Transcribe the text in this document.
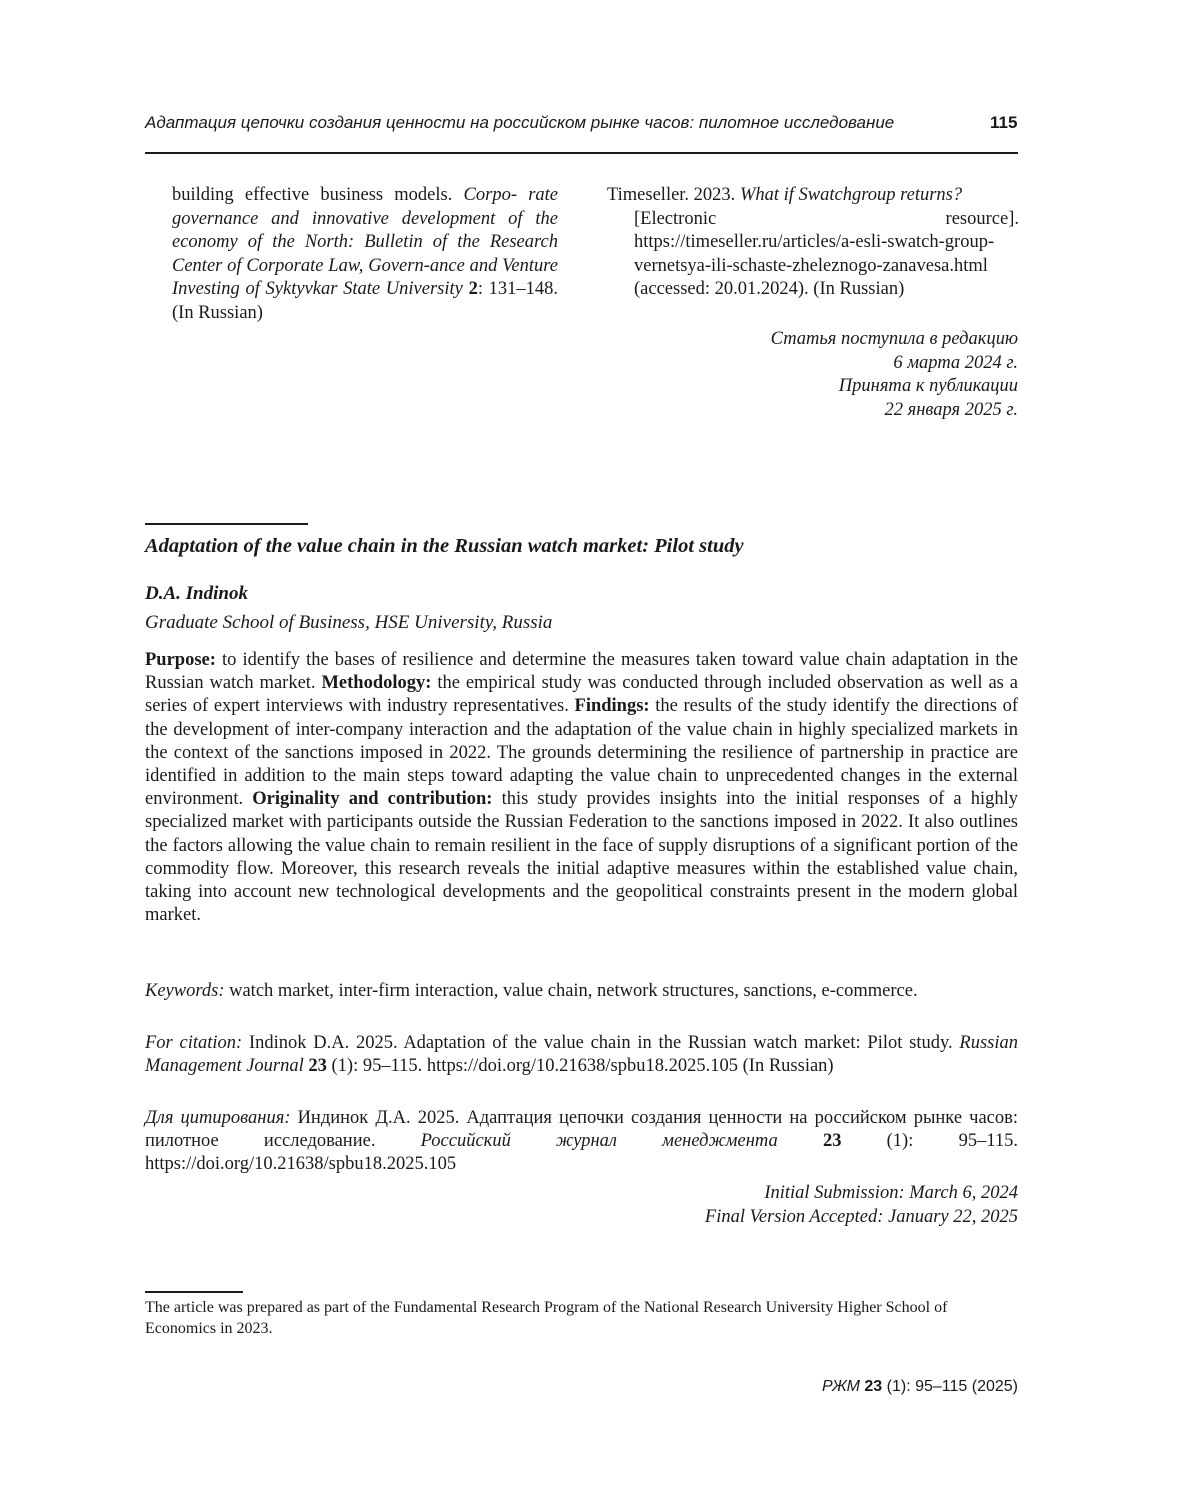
Адаптация цепочки создания ценности на российском рынке часов: пилотное исследование	115
building effective business models. Corpo- rate governance and innovative development of the economy of the North: Bulletin of the Research Center of Corporate Law, Govern-ance and Venture Investing of Syktyvkar State University 2: 131–148. (In Russian)
Timeseller. 2023. What if Swatchgroup returns?
[Electronic resource]. https://timeseller.ru/articles/a-esli-swatch-group-vernetsya-ili-schaste-zheleznogo-zanavesa.html (accessed: 20.01.2024). (In Russian)
Статья поступила в редакцию
6 марта 2024 г.
Принята к публикации
22 января 2025 г.
Adaptation of the value chain in the Russian watch market: Pilot study
D.A. Indinok
Graduate School of Business, HSE University, Russia
Purpose: to identify the bases of resilience and determine the measures taken toward value chain adaptation in the Russian watch market. Methodology: the empirical study was conducted through included observation as well as a series of expert interviews with industry representatives. Findings: the results of the study identify the directions of the development of inter-company interaction and the adaptation of the value chain in highly specialized markets in the context of the sanctions imposed in 2022. The grounds determining the resilience of partnership in practice are identified in addition to the main steps toward adapting the value chain to unprecedented changes in the external environment. Originality and contribution: this study provides insights into the initial responses of a highly specialized market with participants outside the Russian Federation to the sanctions imposed in 2022. It also outlines the factors allowing the value chain to remain resilient in the face of supply disruptions of a significant portion of the commodity flow. Moreover, this research reveals the initial adaptive measures within the established value chain, taking into account new technological developments and the geopolitical constraints present in the modern global market.
Keywords: watch market, inter-firm interaction, value chain, network structures, sanctions, e-commerce.
For citation: Indinok D.A. 2025. Adaptation of the value chain in the Russian watch market: Pilot study. Russian Management Journal 23 (1): 95–115. https://doi.org/10.21638/spbu18.2025.105 (In Russian)
Для цитирования: Индинок Д.А. 2025. Адаптация цепочки создания ценности на российском рынке часов: пилотное исследование. Российский журнал менеджмента 23 (1): 95–115. https://doi.org/10.21638/spbu18.2025.105
Initial Submission: March 6, 2024
Final Version Accepted: January 22, 2025
The article was prepared as part of the Fundamental Research Program of the National Research University Higher School of Economics in 2023.
РЖМ 23 (1): 95–115 (2025)
